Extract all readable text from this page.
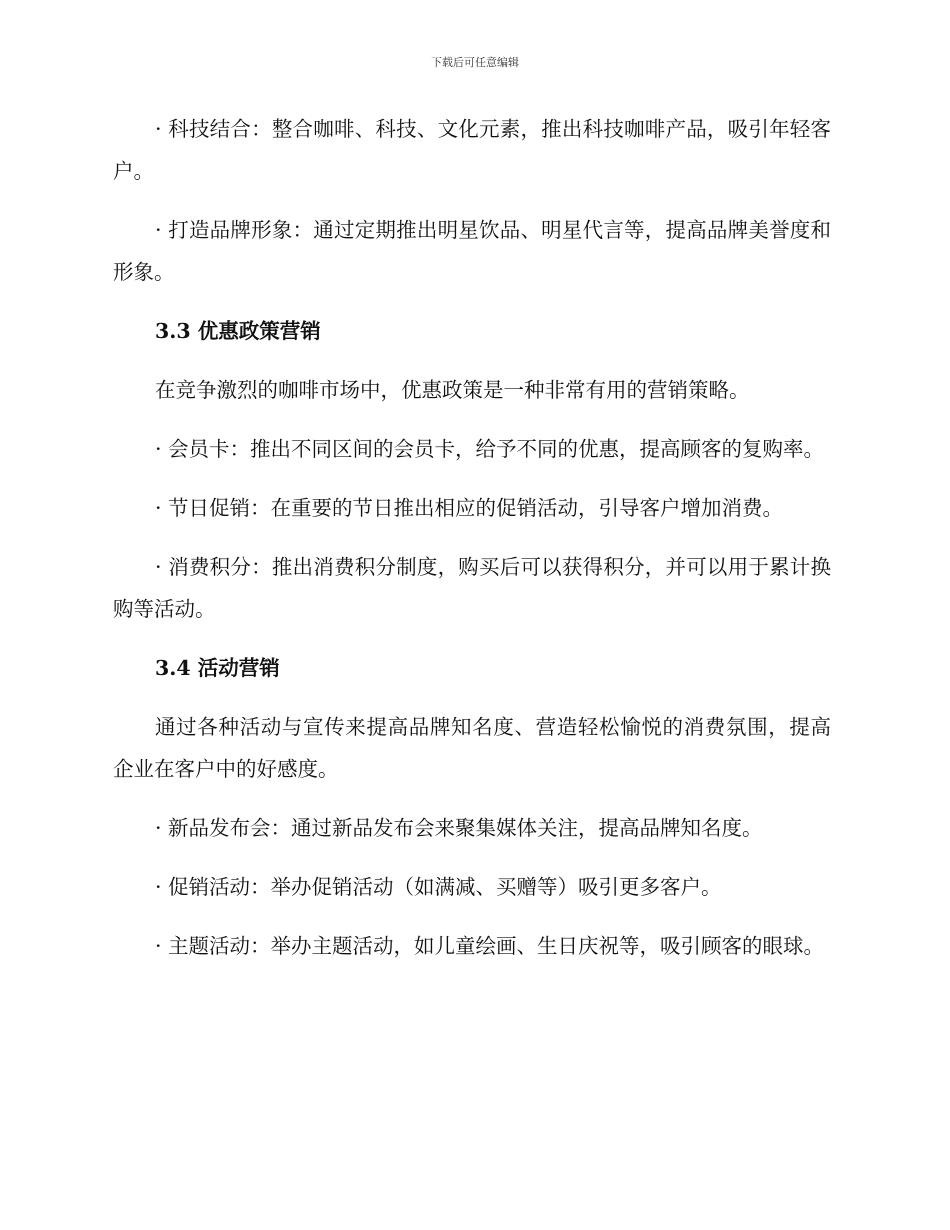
下载后可任意编辑

· 科技结合：整合咖啡、科技、文化元素，推出科技咖啡产品，吸引年轻客户。

· 打造品牌形象：通过定期推出明星饮品、明星代言等，提高品牌美誉度和形象。

3.3 优惠政策营销

在竞争激烈的咖啡市场中，优惠政策是一种非常有用的营销策略。

· 会员卡：推出不同区间的会员卡，给予不同的优惠，提高顾客的复购率。

· 节日促销：在重要的节日推出相应的促销活动，引导客户增加消费。

· 消费积分：推出消费积分制度，购买后可以获得积分，并可以用于累计换购等活动。

3.4 活动营销

通过各种活动与宣传来提高品牌知名度、营造轻松愉悦的消费氛围，提高企业在客户中的好感度。

· 新品发布会：通过新品发布会来聚集媒体关注，提高品牌知名度。

· 促销活动：举办促销活动（如满减、买赠等）吸引更多客户。

· 主题活动：举办主题活动，如儿童绘画、生日庆祝等，吸引顾客的眼球。
